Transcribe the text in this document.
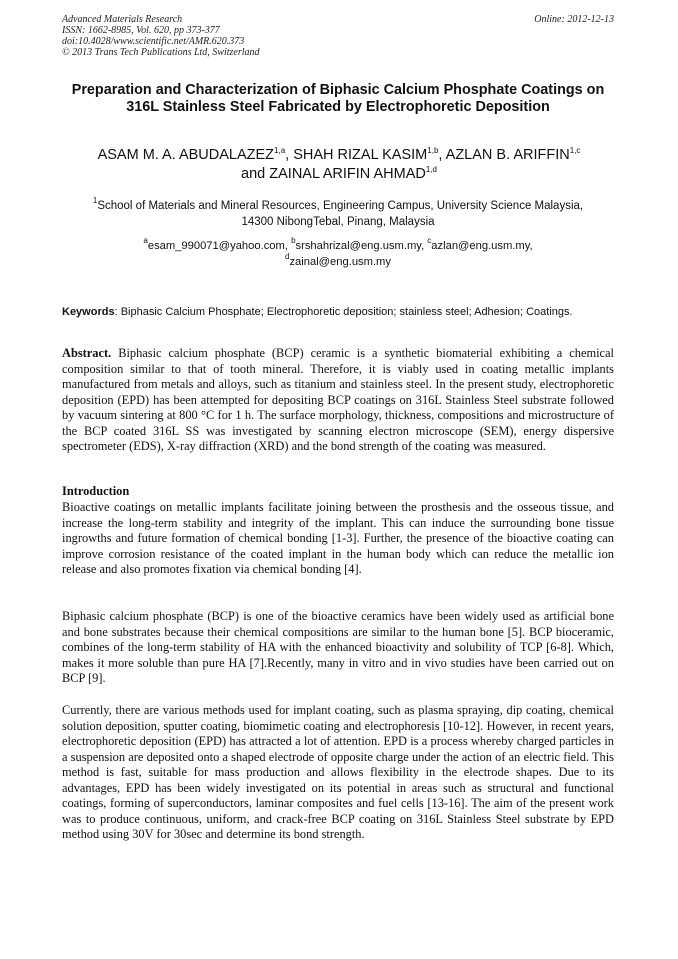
Advanced Materials Research
ISSN: 1662-8985, Vol. 620, pp 373-377
doi:10.4028/www.scientific.net/AMR.620.373
© 2013 Trans Tech Publications Ltd, Switzerland
Online: 2012-12-13
Preparation and Characterization of Biphasic Calcium Phosphate Coatings on 316L Stainless Steel Fabricated by Electrophoretic Deposition
ASAM M. A. ABUDALAZEZ$^{1,a}$, SHAH RIZAL KASIM$^{1,b}$, AZLAN B. ARIFFIN$^{1,c}$
and ZAINAL ARIFIN AHMAD$^{1,d}$
$^1$School of Materials and Mineral Resources, Engineering Campus, University Science Malaysia,
14300 NibongTebal, Pinang, Malaysia
$^a$esam_990071@yahoo.com, $^b$srshahrizal@eng.usm.my, $^c$azlan@eng.usm.my,
$^d$zainal@eng.usm.my

Keywords: Biphasic Calcium Phosphate; Electrophoretic deposition; stainless steel; Adhesion; Coatings.

Abstract. Biphasic calcium phosphate (BCP) ceramic is a synthetic biomaterial exhibiting a chemical composition similar to that of tooth mineral. Therefore, it is viably used in coating metallic implants manufactured from metals and alloys, such as titanium and stainless steel. In the present study, electrophoretic deposition (EPD) has been attempted for depositing BCP coatings on 316L Stainless Steel substrate followed by vacuum sintering at 800 °C for 1 h. The surface morphology, thickness, compositions and microstructure of the BCP coated 316L SS was investigated by scanning electron microscope (SEM), energy dispersive spectrometer (EDS), X-ray diffraction (XRD) and the bond strength of the coating was measured.

Introduction

Bioactive coatings on metallic implants facilitate joining between the prosthesis and the osseous tissue, and increase the long-term stability and integrity of the implant. This can induce the surrounding bone tissue ingrowths and future formation of chemical bonding [1-3]. Further, the presence of the bioactive coating can improve corrosion resistance of the coated implant in the human body which can reduce the metallic ion release and also promotes fixation via chemical bonding [4].

Biphasic calcium phosphate (BCP) is one of the bioactive ceramics have been widely used as artificial bone and bone substrates because their chemical compositions are similar to the human bone [5]. BCP bioceramic, combines of the long-term stability of HA with the enhanced bioactivity and solubility of TCP [6-8]. Which, makes it more soluble than pure HA [7].Recently, many in vitro and in vivo studies have been carried out on BCP [9].

Currently, there are various methods used for implant coating, such as plasma spraying, dip coating, chemical solution deposition, sputter coating, biomimetic coating and electrophoresis [10-12]. However, in recent years, electrophoretic deposition (EPD) has attracted a lot of attention. EPD is a process whereby charged particles in a suspension are deposited onto a shaped electrode of opposite charge under the action of an electric field. This method is fast, suitable for mass production and allows flexibility in the electrode shapes. Due to its advantages, EPD has been widely investigated on its potential in areas such as structural and functional coatings, forming of superconductors, laminar composites and fuel cells [13-16]. The aim of the present work was to produce continuous, uniform, and crack-free BCP coating on 316L Stainless Steel substrate by EPD method using 30V for 30sec and determine its bond strength.
